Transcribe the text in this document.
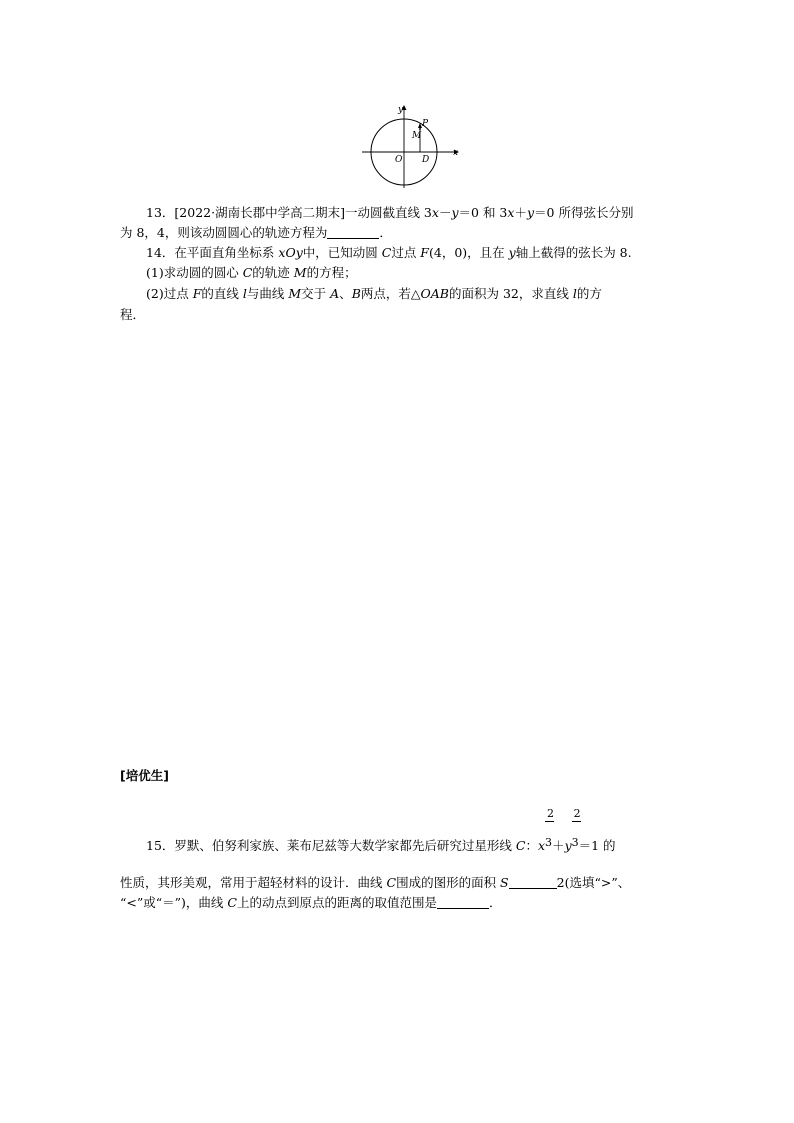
y
x
O D
M
P
13．[2022·湖南长郡中学高二期末]一动圆截直线 3x－y＝0 和 3x＋y＝0 所得弦长分别
为 8，4，则该动圆圆心的轨迹方程为	．
14．在平面直角坐标系 xOy中，已知动圆 C过点 F(4，0)，且在 y轴上截得的弦长为 8.
(1)求动圆的圆心 C的轨迹 M的方程；
(2)过点 F的直线 l与曲线 M交于 A、B两点，若△OAB的面积为 32，求直线 l的方
程．
[培优生]
15．罗默、伯努利家族、莱布尼兹等大数学家都先后研究过星形线 C：x $\frac{2}{3}+y \frac{2}{3}=1$ 的
性质，其形美观，常用于超轻材料的设计．曲线 C围成的图形的面积 S	2(选填“>”、
“<”或“＝”)，曲线 C上的动点到原点的距离的取值范围是	．
